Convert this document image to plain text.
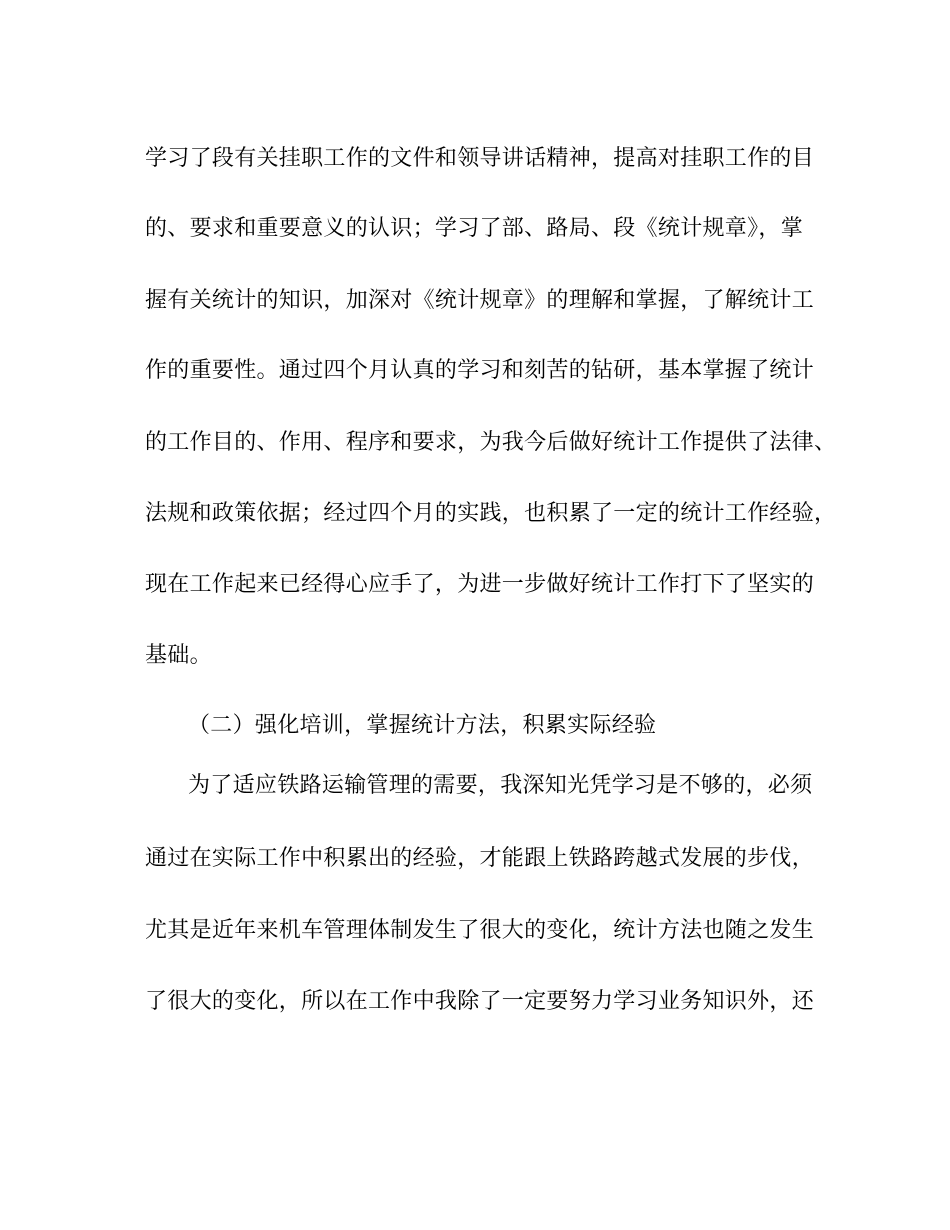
学习了段有关挂职工作的文件和领导讲话精神，提高对挂职工作的目
的、要求和重要意义的认识；学习了部、路局、段《统计规章》，掌
握有关统计的知识，加深对《统计规章》的理解和掌握，了解统计工
作的重要性。通过四个月认真的学习和刻苦的钻研，基本掌握了统计
的工作目的、作用、程序和要求，为我今后做好统计工作提供了法律、
法规和政策依据；经过四个月的实践，也积累了一定的统计工作经验，
现在工作起来已经得心应手了，为进一步做好统计工作打下了坚实的
基础。
（二）强化培训，掌握统计方法，积累实际经验
为了适应铁路运输管理的需要，我深知光凭学习是不够的，必须
通过在实际工作中积累出的经验，才能跟上铁路跨越式发展的步伐，
尤其是近年来机车管理体制发生了很大的变化，统计方法也随之发生
了很大的变化，所以在工作中我除了一定要努力学习业务知识外，还
